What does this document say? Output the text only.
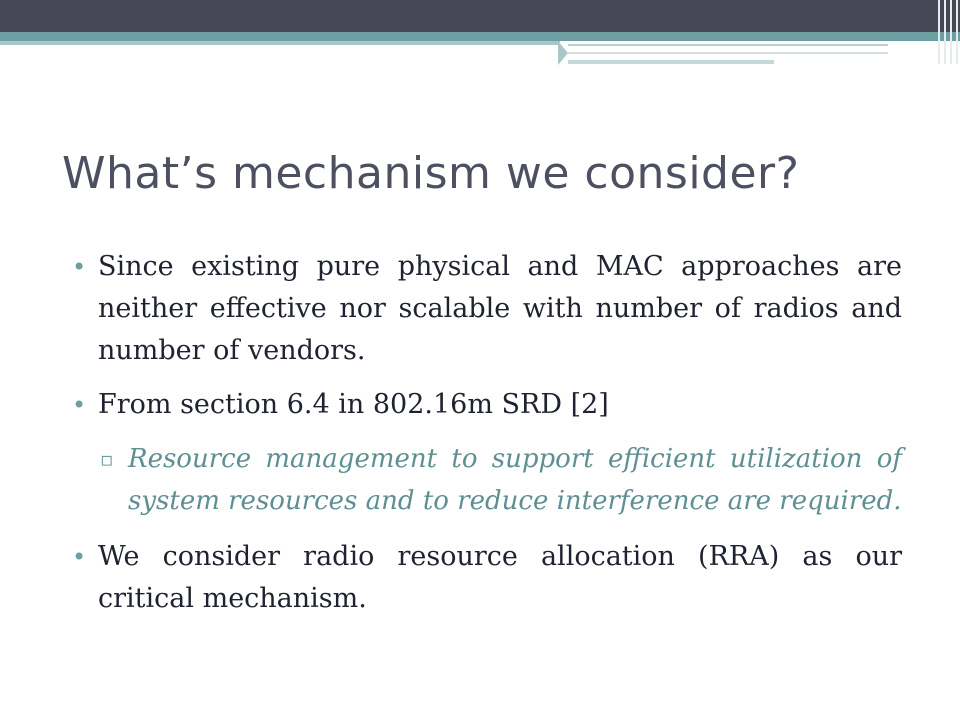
What’s mechanism we consider?
• Since existing pure physical and MAC approaches are neither effective nor scalable with number of radios and number of vendors.
• From section 6.4 in 802.16m SRD [2]
▫ Resource management to support efficient utilization of system resources and to reduce interference are required.
• We consider radio resource allocation (RRA) as our critical mechanism.
